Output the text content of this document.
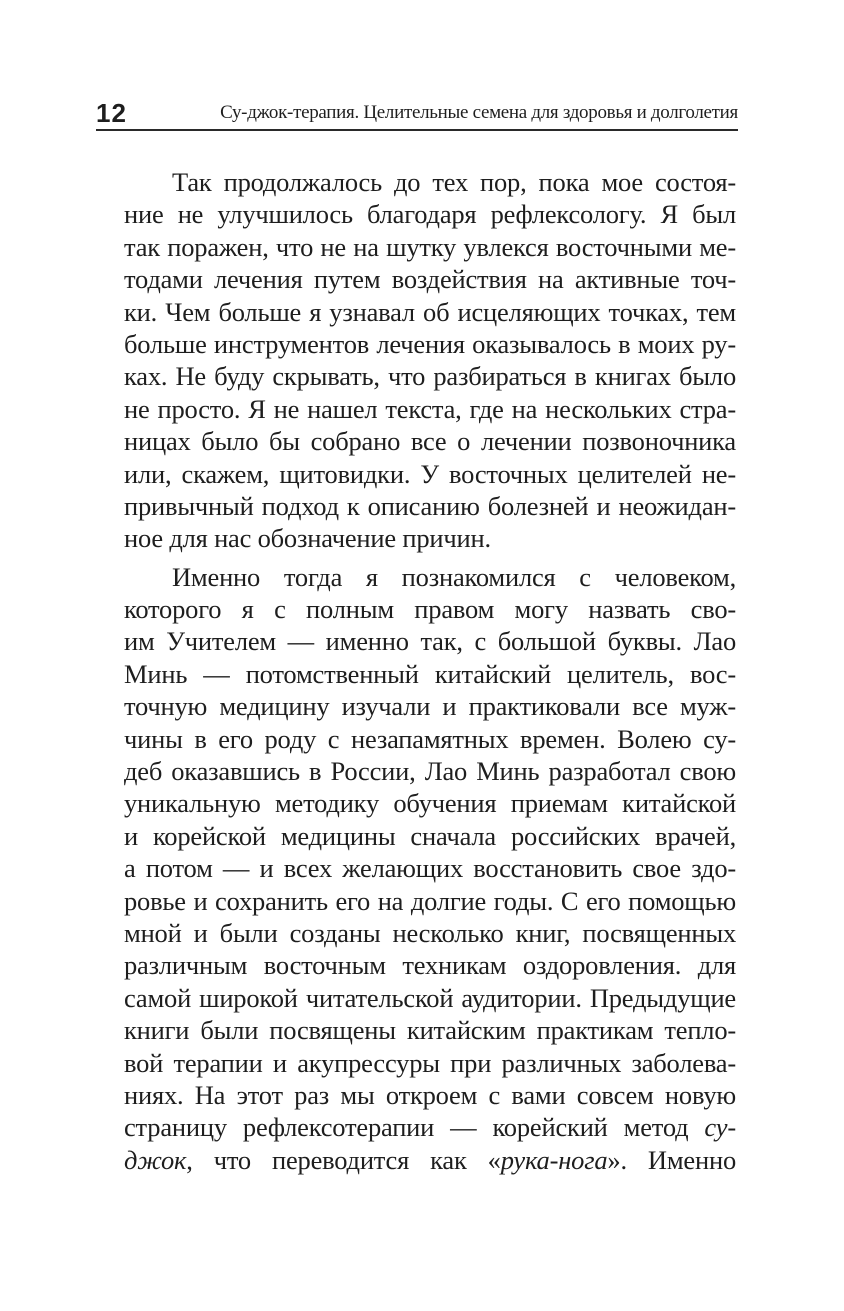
12	Су-джок-терапия. Целительные семена для здоровья и долголетия
Так продолжалось до тех пор, пока мое состоя-
ние не улучшилось благодаря рефлексологу. Я был
так поражен, что не на шутку увлекся восточными ме-
тодами лечения путем воздействия на активные точ-
ки. Чем больше я узнавал об исцеляющих точках, тем
больше инструментов лечения оказывалось в моих ру-
ках. Не буду скрывать, что разбираться в книгах было
не просто. Я не нашел текста, где на нескольких стра-
ницах было бы собрано все о лечении позвоночника
или, скажем, щитовидки. У восточных целителей не-
привычный подход к описанию болезней и неожидан-
ное для нас обозначение причин.
Именно тогда я познакомился с человеком,
которого я с полным правом могу назвать сво-
им Учителем — именно так, с большой буквы. Лао
Минь — потомственный китайский целитель, вос-
точную медицину изучали и практиковали все муж-
чины в его роду с незапамятных времен. Волею су-
деб оказавшись в России, Лао Минь разработал свою
уникальную методику обучения приемам китайской
и корейской медицины сначала российских врачей,
а потом — и всех желающих восстановить свое здо-
ровье и сохранить его на долгие годы. С его помощью
мной и были созданы несколько книг, посвященных
различным восточным техникам оздоровления. для
самой широкой читательской аудитории. Предыдущие
книги были посвящены китайским практикам тепло-
вой терапии и акупрессуры при различных заболева-
ниях. На этот раз мы откроем с вами совсем новую
страницу рефлексотерапии — корейский метод су-
джок, что переводится как «рука-нога». Именно
